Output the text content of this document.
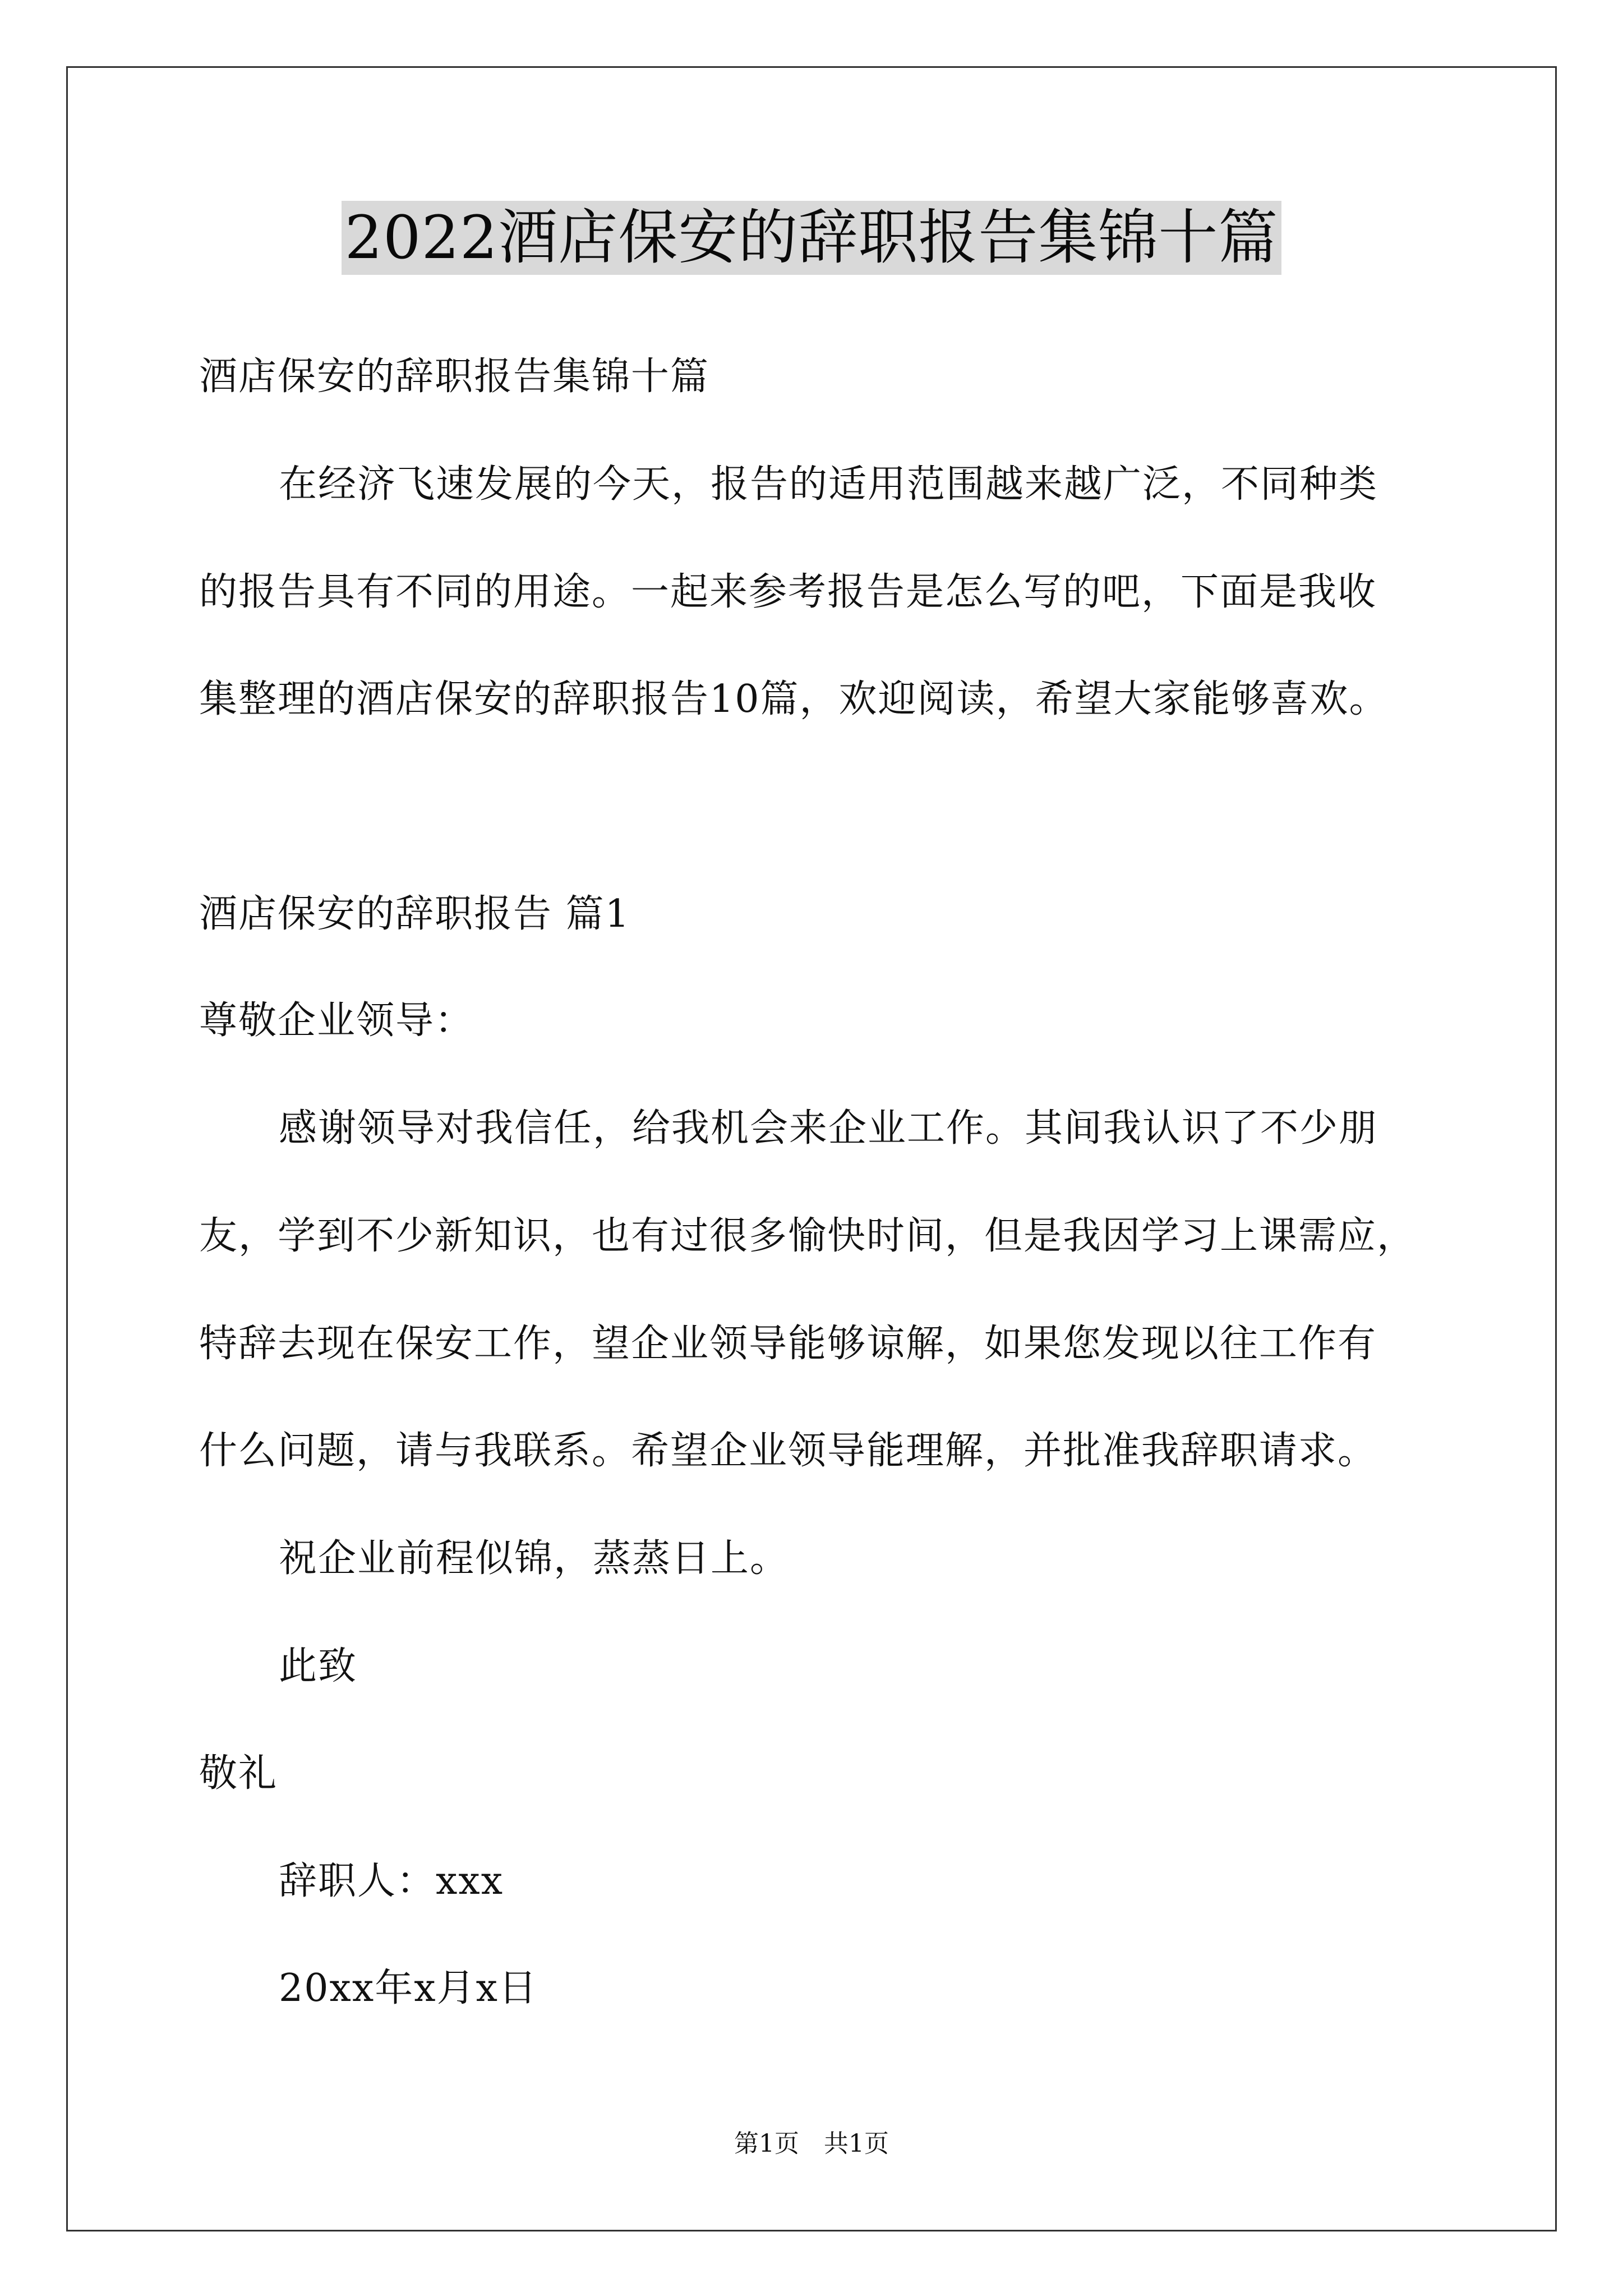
2022酒店保安的辞职报告集锦十篇
酒店保安的辞职报告集锦十篇
在经济飞速发展的今天，报告的适用范围越来越广泛，不同种类
的报告具有不同的用途。一起来参考报告是怎么写的吧，下面是我收
集整理的酒店保安的辞职报告10篇，欢迎阅读，希望大家能够喜欢。
酒店保安的辞职报告 篇1
尊敬企业领导：
感谢领导对我信任，给我机会来企业工作。其间我认识了不少朋
友，学到不少新知识，也有过很多愉快时间，但是我因学习上课需应，
特辞去现在保安工作，望企业领导能够谅解，如果您发现以往工作有
什么问题，请与我联系。希望企业领导能理解，并批准我辞职请求。
祝企业前程似锦，蒸蒸日上。
此致
敬礼
辞职人：xxx
20xx年x月x日
第1页 共1页
